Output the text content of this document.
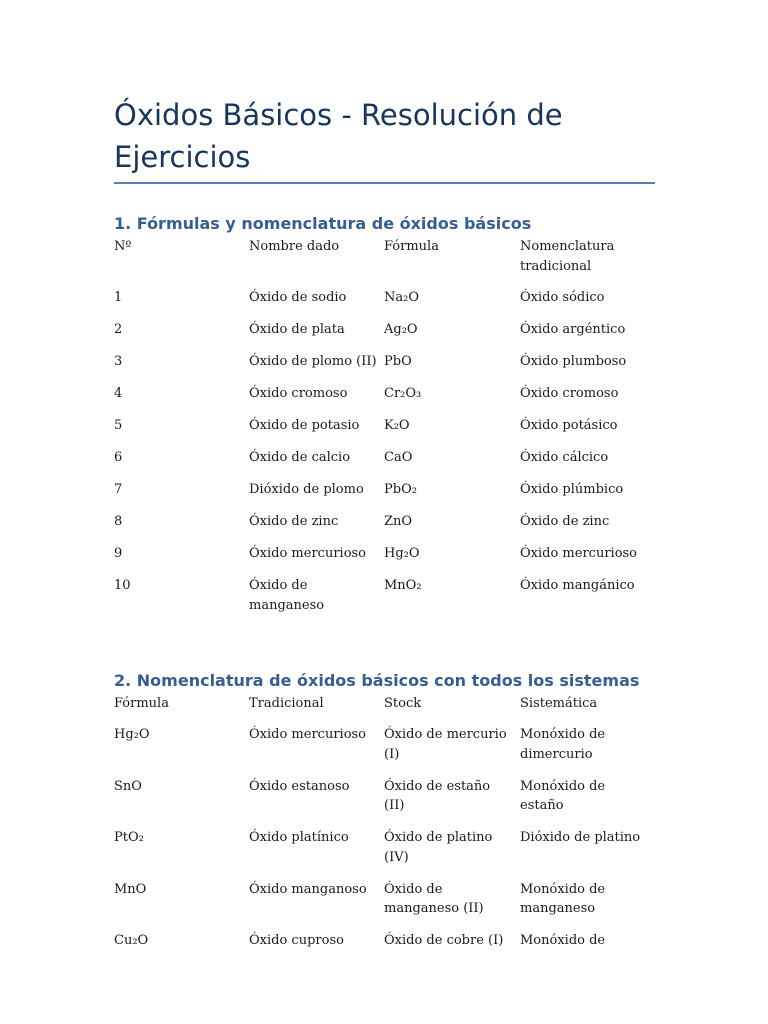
Óxidos Básicos - Resolución de Ejercicios
1. Fórmulas y nomenclatura de óxidos básicos
Nº	Nombre dado	Fórmula	Nomenclatura tradicional
1	Óxido de sodio	Na₂O	Óxido sódico
2	Óxido de plata	Ag₂O	Óxido argéntico
3	Óxido de plomo (II)	PbO	Óxido plumboso
4	Óxido cromoso	Cr₂O₃	Óxido cromoso
5	Óxido de potasio	K₂O	Óxido potásico
6	Óxido de calcio	CaO	Óxido cálcico
7	Dióxido de plomo	PbO₂	Óxido plúmbico
8	Óxido de zinc	ZnO	Óxido de zinc
9	Óxido mercurioso	Hg₂O	Óxido mercurioso
10	Óxido de manganeso	MnO₂	Óxido mangánico
2. Nomenclatura de óxidos básicos con todos los sistemas
Fórmula	Tradicional	Stock	Sistemática
Hg₂O	Óxido mercurioso	Óxido de mercurio (I)	Monóxido de dimercurio
SnO	Óxido estanoso	Óxido de estaño (II)	Monóxido de estaño
PtO₂	Óxido platínico	Óxido de platino (IV)	Dióxido de platino
MnO	Óxido manganoso	Óxido de manganeso (II)	Monóxido de manganeso
Cu₂O	Óxido cuproso	Óxido de cobre (I)	Monóxido de
